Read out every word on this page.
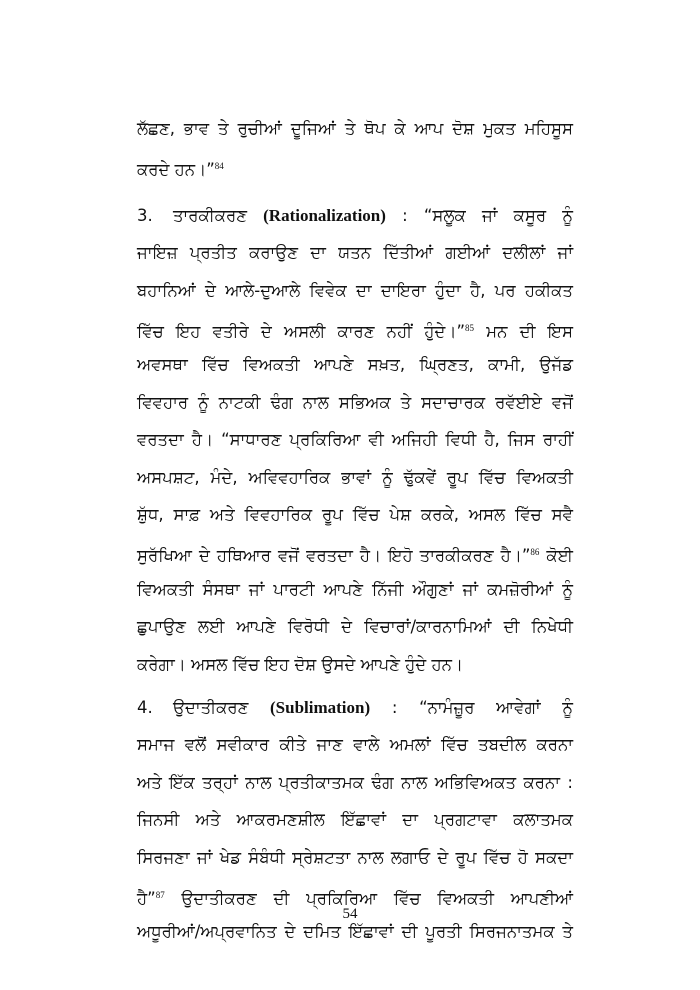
ਲੱਛਣ, ਭਾਵ ਤੇ ਰੁਚੀਆਂ ਦੂਜਿਆਂ ਤੇ ਥੋਪ ਕੇ ਆਪ ਦੋਸ਼ ਮੁਕਤ ਮਹਿਸੂਸ
ਕਰਦੇ ਹਨ।”$^{84}$
3. ਤਾਰਕੀਕਰਣ (Rationalization) : “ਸਲੂਕ ਜਾਂ ਕਸੂਰ ਨੂੰ
ਜਾਇਜ਼ ਪ੍ਰਤੀਤ ਕਰਾਉਣ ਦਾ ਯਤਨ ਦਿੱਤੀਆਂ ਗਈਆਂ ਦਲੀਲਾਂ ਜਾਂ
ਬਹਾਨਿਆਂ ਦੇ ਆਲੇ-ਦੁਆਲੇ ਵਿਵੇਕ ਦਾ ਦਾਇਰਾ ਹੁੰਦਾ ਹੈ, ਪਰ ਹਕੀਕਤ
ਵਿੱਚ ਇਹ ਵਤੀਰੇ ਦੇ ਅਸਲੀ ਕਾਰਣ ਨਹੀਂ ਹੁੰਦੇ।”$^{85}$ ਮਨ ਦੀ ਇਸ
ਅਵਸਥਾ ਵਿੱਚ ਵਿਅਕਤੀ ਆਪਣੇ ਸਖ਼ਤ, ਘ੍ਰਿਣਤ, ਕਾਮੀ, ਉਜੱਡ
ਵਿਵਹਾਰ ਨੂੰ ਨਾਟਕੀ ਢੰਗ ਨਾਲ ਸਭਿਅਕ ਤੇ ਸਦਾਚਾਰਕ ਰਵੱਈਏ ਵਜੋਂ
ਵਰਤਦਾ ਹੈ। “ਸਾਧਾਰਣ ਪ੍ਰਕਿਰਿਆ ਵੀ ਅਜਿਹੀ ਵਿਧੀ ਹੈ, ਜਿਸ ਰਾਹੀਂ
ਅਸਪਸ਼ਟ, ਮੰਦੇ, ਅਵਿਵਹਾਰਿਕ ਭਾਵਾਂ ਨੂੰ ਢੁੱਕਵੇਂ ਰੂਪ ਵਿੱਚ ਵਿਅਕਤੀ
ਸ਼ੁੱਧ, ਸਾਫ਼ ਅਤੇ ਵਿਵਹਾਰਿਕ ਰੂਪ ਵਿੱਚ ਪੇਸ਼ ਕਰਕੇ, ਅਸਲ ਵਿੱਚ ਸਵੈ
ਸੁਰੱਖਿਆ ਦੇ ਹਥਿਆਰ ਵਜੋਂ ਵਰਤਦਾ ਹੈ। ਇਹੋ ਤਾਰਕੀਕਰਣ ਹੈ।”$^{86}$ ਕੋਈ
ਵਿਅਕਤੀ ਸੰਸਥਾ ਜਾਂ ਪਾਰਟੀ ਆਪਣੇ ਨਿੱਜੀ ਔਗੁਣਾਂ ਜਾਂ ਕਮਜ਼ੋਰੀਆਂ ਨੂੰ
ਛੁਪਾਉਣ ਲਈ ਆਪਣੇ ਵਿਰੋਧੀ ਦੇ ਵਿਚਾਰਾਂ/ਕਾਰਨਾਮਿਆਂ ਦੀ ਨਿਖੇਧੀ
ਕਰੇਗਾ। ਅਸਲ ਵਿੱਚ ਇਹ ਦੋਸ਼ ਉਸਦੇ ਆਪਣੇ ਹੁੰਦੇ ਹਨ।
4. ਉਦਾਤੀਕਰਣ (Sublimation) : “ਨਾਮੰਜ਼ੂਰ ਆਵੇਗਾਂ ਨੂੰ
ਸਮਾਜ ਵਲੋਂ ਸਵੀਕਾਰ ਕੀਤੇ ਜਾਣ ਵਾਲੇ ਅਮਲਾਂ ਵਿੱਚ ਤਬਦੀਲ ਕਰਨਾ
ਅਤੇ ਇੱਕ ਤਰ੍ਹਾਂ ਨਾਲ ਪ੍ਰਤੀਕਾਤਮਕ ਢੰਗ ਨਾਲ ਅਭਿਵਿਅਕਤ ਕਰਨਾ :
ਜਿਨਸੀ ਅਤੇ ਆਕਰਮਣਸ਼ੀਲ ਇੱਛਾਵਾਂ ਦਾ ਪ੍ਰਗਟਾਵਾ ਕਲਾਤਮਕ
ਸਿਰਜਣਾ ਜਾਂ ਖੇਡ ਸੰਬੰਧੀ ਸ੍ਰੇਸ਼ਟਤਾ ਨਾਲ ਲਗਾਓ ਦੇ ਰੂਪ ਵਿੱਚ ਹੋ ਸਕਦਾ
ਹੈ”$^{87}$ ਉਦਾਤੀਕਰਣ ਦੀ ਪ੍ਰਕਿਰਿਆ ਵਿੱਚ ਵਿਅਕਤੀ ਆਪਣੀਆਂ
ਅਧੂਰੀਆਂ/ਅਪ੍ਰਵਾਨਿਤ ਦੇ ਦਮਿਤ ਇੱਛਾਵਾਂ ਦੀ ਪੂਰਤੀ ਸਿਰਜਨਾਤਮਕ ਤੇ
54
